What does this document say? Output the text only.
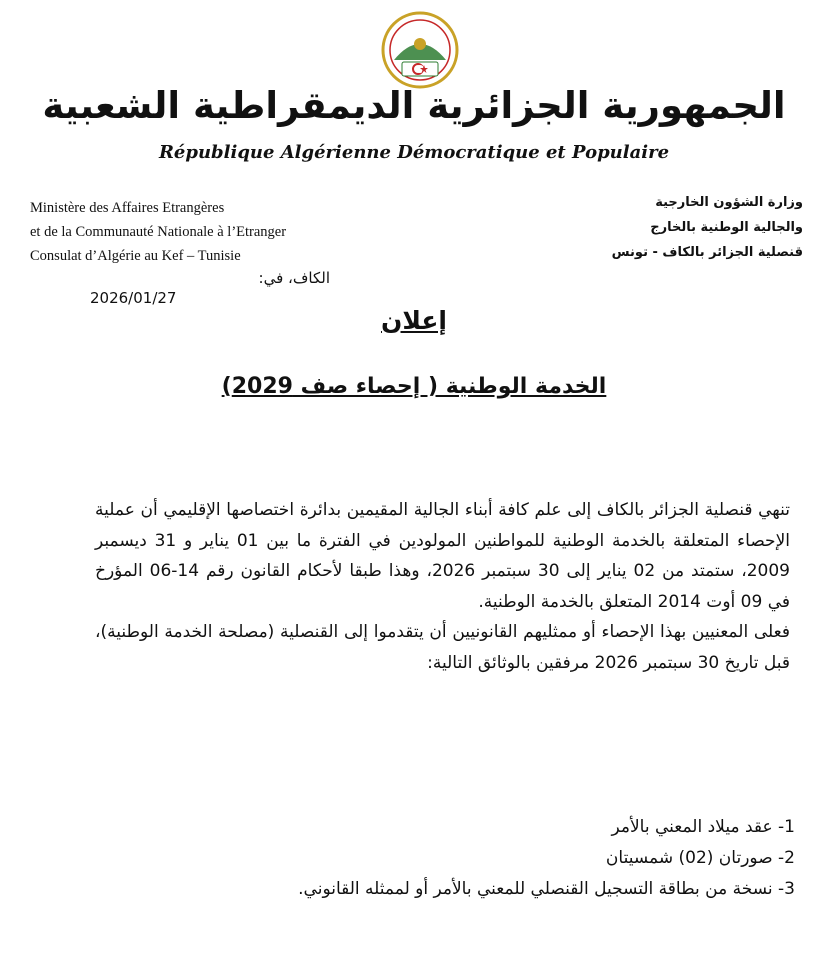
الجمهورية الجزائرية الديمقراطية الشعبية
République Algérienne Démocratique et Populaire
Ministère des Affaires Etrangères
et de la Communauté Nationale à l’Etranger
Consulat d’Algérie au Kef – Tunisie
وزارة الشؤون الخارجية
والجالية الوطنية بالخارج
قنصلية الجزائر بالكاف - تونس
الكاف، في:
2026/01/27
إعلان
الخدمة الوطنية ( إحصاء صف 2029)

تنهي قنصلية الجزائر بالكاف إلى علم كافة أبناء الجالية المقيمين بدائرة اختصاصها الإقليمي أن عملية الإحصاء المتعلقة بالخدمة الوطنية للمواطنين المولودين في الفترة ما بين 01 يناير و 31 ديسمبر 2009، ستمتد من 02 يناير إلى 30 سبتمبر 2026، وهذا طبقا لأحكام القانون رقم 14-06 المؤرخ في 09 أوت 2014 المتعلق بالخدمة الوطنية.

فعلى المعنيين بهذا الإحصاء أو ممثليهم القانونيين أن يتقدموا إلى القنصلية (مصلحة الخدمة الوطنية)، قبل تاريخ 30 سبتمبر 2026 مرفقين بالوثائق التالية:

1- عقد ميلاد المعني بالأمر
2- صورتان (02) شمسيتان
3- نسخة من بطاقة التسجيل القنصلي للمعني بالأمر أو لممثله القانوني.
